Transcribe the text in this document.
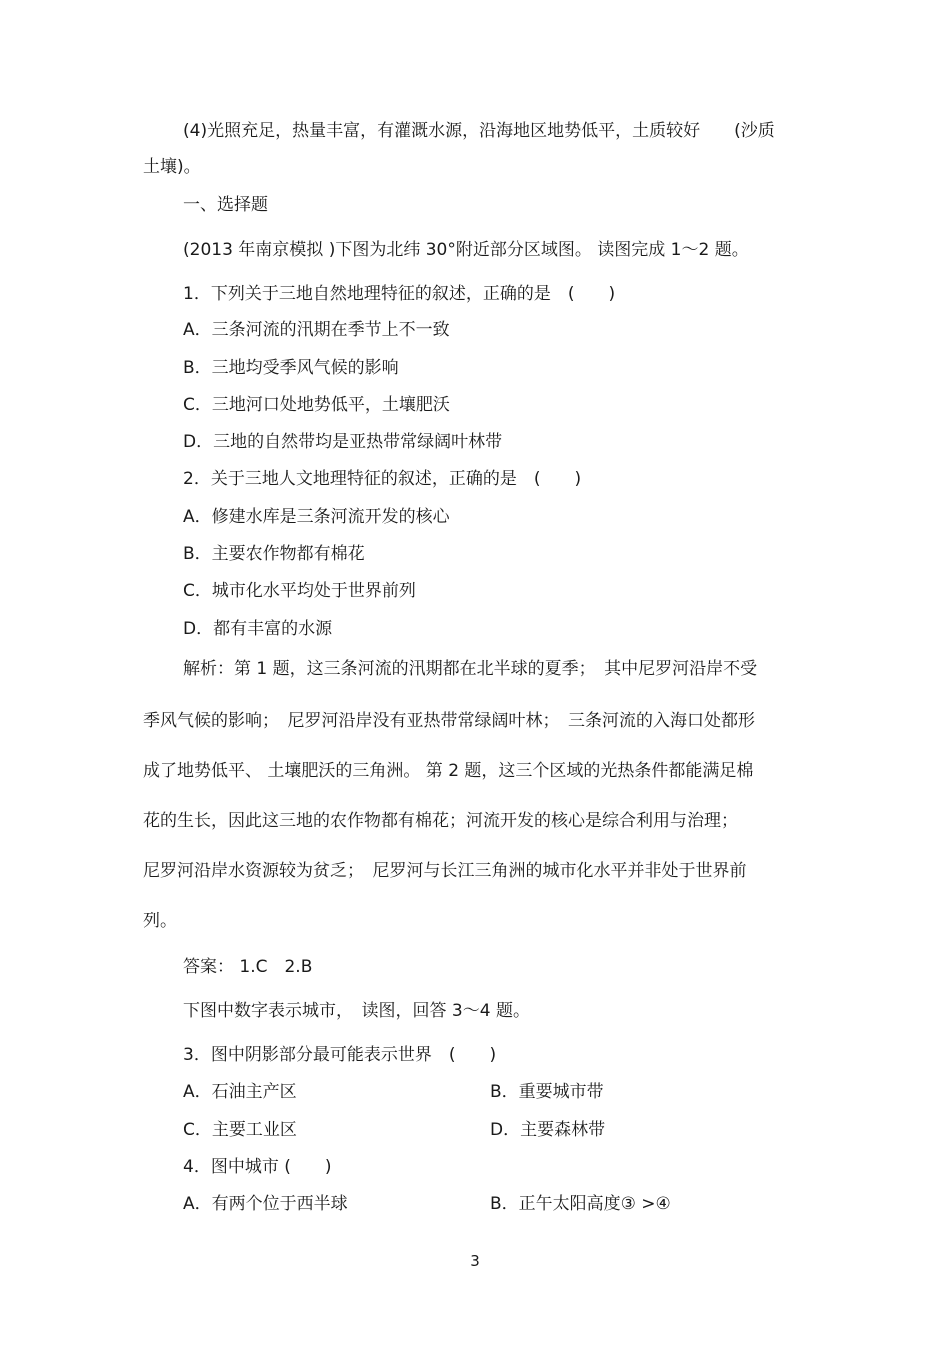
(4)光照充足，热量丰富，有灌溉水源，沿海地区地势低平，土质较好　　(沙质
土壤)。
一、选择题
(2013 年南京模拟 )下图为北纬 30°附近部分区域图。 读图完成 1～2 题。
1．下列关于三地自然地理特征的叙述，正确的是　(　　)
A．三条河流的汛期在季节上不一致
B．三地均受季风气候的影响
C．三地河口处地势低平，土壤肥沃
D．三地的自然带均是亚热带常绿阔叶林带
2．关于三地人文地理特征的叙述，正确的是　(　　)
A．修建水库是三条河流开发的核心
B．主要农作物都有棉花
C．城市化水平均处于世界前列
D．都有丰富的水源
解析：第 1 题，这三条河流的汛期都在北半球的夏季；　其中尼罗河沿岸不受
季风气候的影响；　尼罗河沿岸没有亚热带常绿阔叶林；　三条河流的入海口处都形
成了地势低平、 土壤肥沃的三角洲。 第 2 题，这三个区域的光热条件都能满足棉
花的生长，因此这三地的农作物都有棉花；河流开发的核心是综合利用与治理；
尼罗河沿岸水资源较为贫乏；　尼罗河与长江三角洲的城市化水平并非处于世界前
列。
答案： 1.C　2.B
下图中数字表示城市，　读图，回答 3～4 题。
3．图中阴影部分最可能表示世界　(　　)
A．石油主产区	B．重要城市带
C．主要工业区	D．主要森林带
4．图中城市 (　　)
A．有两个位于西半球	B．正午太阳高度③ >④
3
